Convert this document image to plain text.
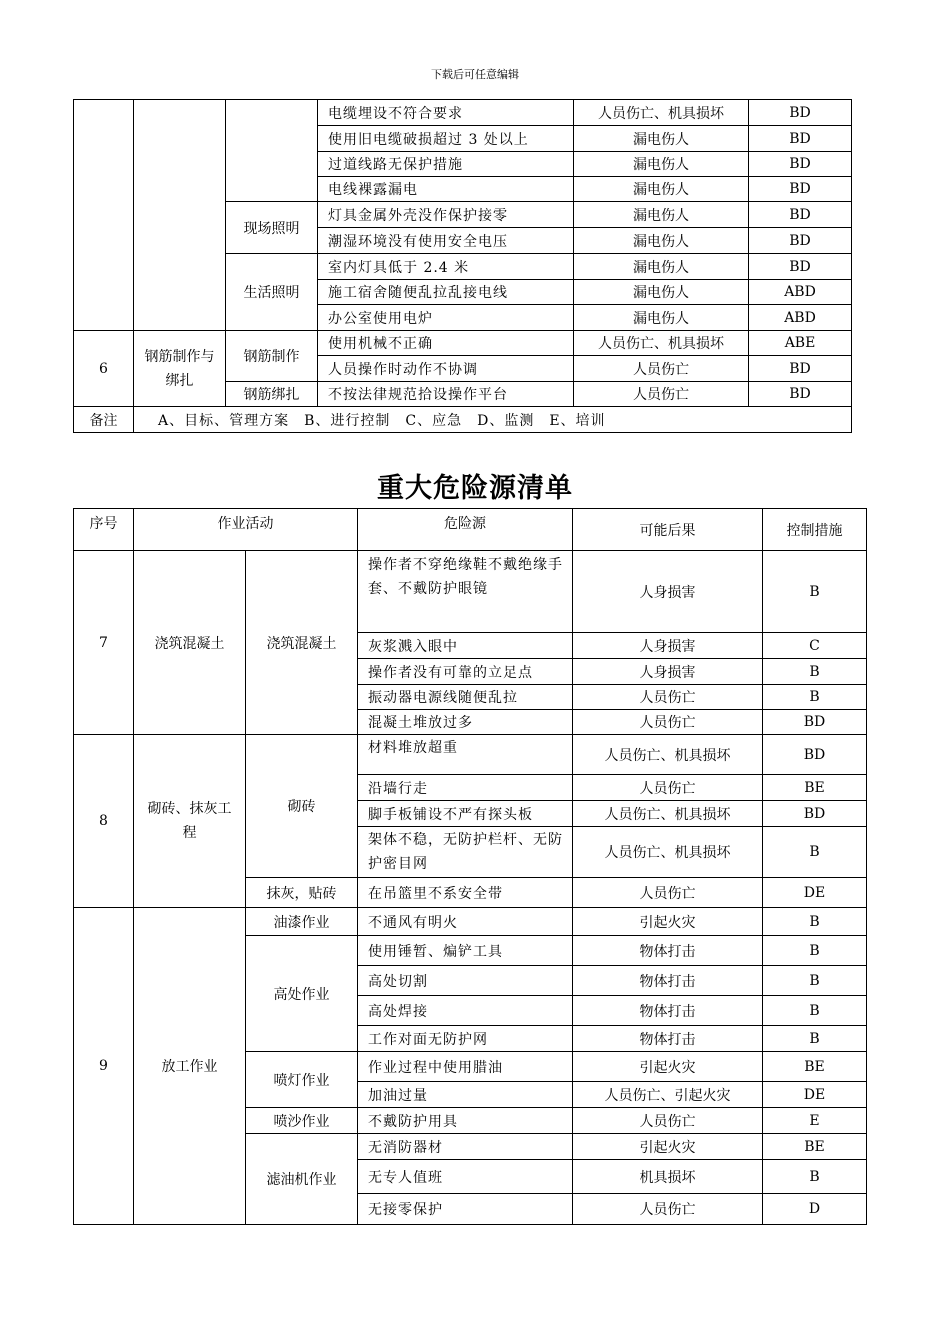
下载后可任意编辑
			电缆埋设不符合要求	人员伤亡、机具损坏	BD
			使用旧电缆破损超过 3 处以上	漏电伤人	BD
			过道线路无保护措施	漏电伤人	BD
			电线裸露漏电	漏电伤人	BD
		现场照明	灯具金属外壳没作保护接零	漏电伤人	BD
			潮湿环境没有使用安全电压	漏电伤人	BD
		生活照明	室内灯具低于 2.4 米	漏电伤人	BD
			施工宿舍随便乱拉乱接电线	漏电伤人	ABD
			办公室使用电炉	漏电伤人	ABD
6	钢筋制作与绑扎	钢筋制作	使用机械不正确	人员伤亡、机具损坏	ABE
			人员操作时动作不协调	人员伤亡	BD
		钢筋绑扎	不按法律规范拾设操作平台	人员伤亡	BD
备注	A、目标、管理方案　B、进行控制　C、应急　D、监测　E、培训				
重大危险源清单
序号	作业活动		危险源	可能后果	控制措施
7	浇筑混凝土	浇筑混凝土	操作者不穿绝缘鞋不戴绝缘手套、不戴防护眼镜	人身损害	B
			灰浆溅入眼中	人身损害	C
			操作者没有可靠的立足点	人身损害	B
			振动器电源线随便乱拉	人员伤亡	B
			混凝土堆放过多	人员伤亡	BD
8	砌砖、抹灰工程	砌砖	材料堆放超重	人员伤亡、机具损坏	BD
			沿墙行走	人员伤亡	BE
			脚手板铺设不严有探头板	人员伤亡、机具损坏	BD
			架体不稳，无防护栏杆、无防护密目网	人员伤亡、机具损坏	B
		抹灰，贴砖	在吊篮里不系安全带	人员伤亡	DE
9	放工作业	油漆作业	不通风有明火	引起火灾	B
		高处作业	使用锤暂、煸铲工具	物体打击	B
			高处切割	物体打击	B
			高处焊接	物体打击	B
			工作对面无防护网	物体打击	B
		喷灯作业	作业过程中使用腊油	引起火灾	BE
			加油过量	人员伤亡、引起火灾	DE
		喷沙作业	不戴防护用具	人员伤亡	E
		滤油机作业	无消防器材	引起火灾	BE
			无专人值班	机具损坏	B
			无接零保护	人员伤亡	D
